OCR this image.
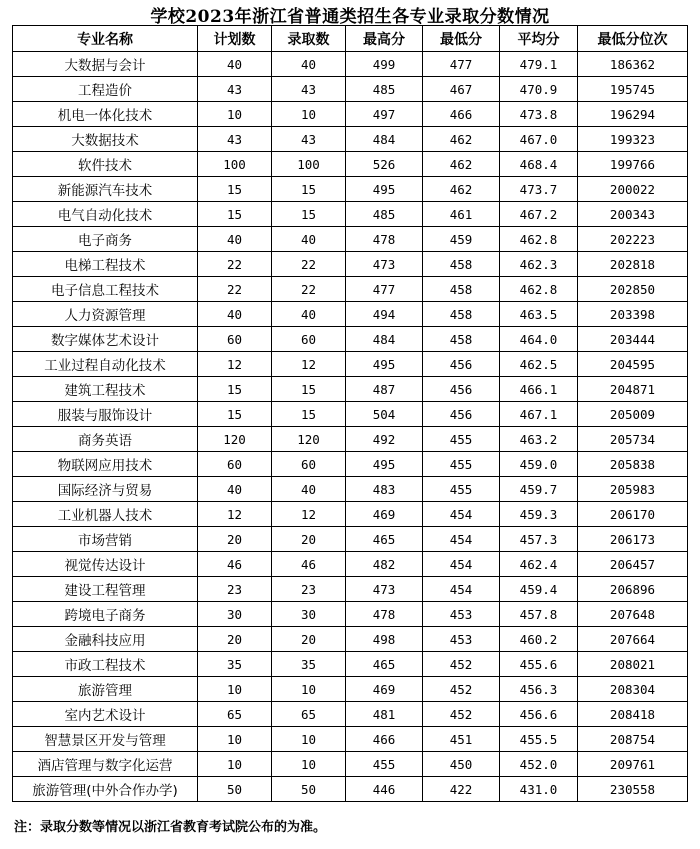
学校2023年浙江省普通类招生各专业录取分数情况
专业名称	计划数	录取数	最高分	最低分	平均分	最低分位次
大数据与会计	40	40	499	477	479.1	186362
工程造价	43	43	485	467	470.9	195745
机电一体化技术	10	10	497	466	473.8	196294
大数据技术	43	43	484	462	467.0	199323
软件技术	100	100	526	462	468.4	199766
新能源汽车技术	15	15	495	462	473.7	200022
电气自动化技术	15	15	485	461	467.2	200343
电子商务	40	40	478	459	462.8	202223
电梯工程技术	22	22	473	458	462.3	202818
电子信息工程技术	22	22	477	458	462.8	202850
人力资源管理	40	40	494	458	463.5	203398
数字媒体艺术设计	60	60	484	458	464.0	203444
工业过程自动化技术	12	12	495	456	462.5	204595
建筑工程技术	15	15	487	456	466.1	204871
服装与服饰设计	15	15	504	456	467.1	205009
商务英语	120	120	492	455	463.2	205734
物联网应用技术	60	60	495	455	459.0	205838
国际经济与贸易	40	40	483	455	459.7	205983
工业机器人技术	12	12	469	454	459.3	206170
市场营销	20	20	465	454	457.3	206173
视觉传达设计	46	46	482	454	462.4	206457
建设工程管理	23	23	473	454	459.4	206896
跨境电子商务	30	30	478	453	457.8	207648
金融科技应用	20	20	498	453	460.2	207664
市政工程技术	35	35	465	452	455.6	208021
旅游管理	10	10	469	452	456.3	208304
室内艺术设计	65	65	481	452	456.6	208418
智慧景区开发与管理	10	10	466	451	455.5	208754
酒店管理与数字化运营	10	10	455	450	452.0	209761
旅游管理(中外合作办学)	50	50	446	422	431.0	230558
注：录取分数等情况以浙江省教育考试院公布的为准。
